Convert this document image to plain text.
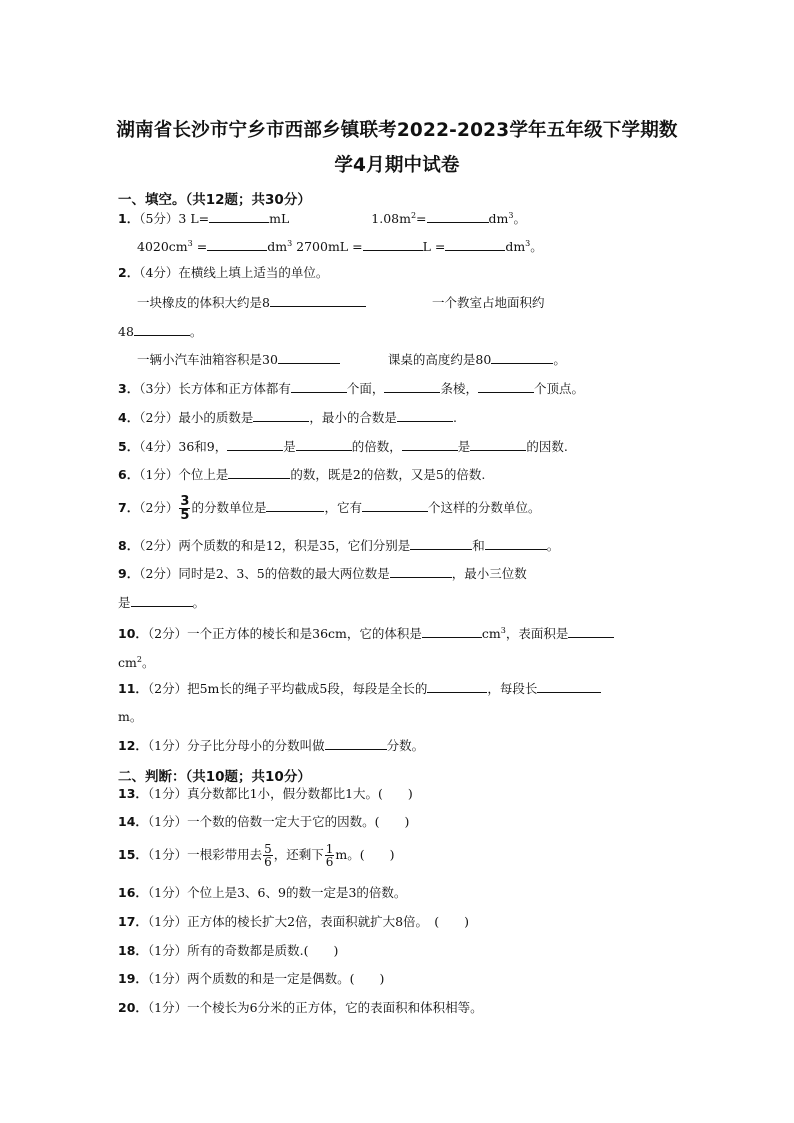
湖南省长沙市宁乡市西部乡镇联考2022-2023学年五年级下学期数
学4月期中试卷
一、填空。（共12题；共30分）
1．（5分）3 L=	mL	$1.08m^2=$	$dm^3$。
$4020cm^3$ =	$dm^3$ 2700mL =	L =	$dm^3$。
2．（4分）在横线上填上适当的单位。
一块橡皮的体积大约是8	一个教室占地面积约
48	。
一辆小汽车油箱容积是30	课桌的高度约是80	。
3．（3分）长方体和正方体都有	个面，	条棱，	个顶点。
4．（2分）最小的质数是	，最小的合数是	.
5．（4分）36和9，	是	的倍数，	是	的因数.
6．（1分）个位上是	的数，既是2的倍数，又是5的倍数.
7．（2分） $\frac{3}{5}$ 的分数单位是	，它有	个这样的分数单位。
8．（2分）两个质数的和是12，积是35，它们分别是	和	。
9．（2分）同时是2、3、5的倍数的最大两位数是	，最小三位数
是	。
10．（2分）一个正方体的棱长和是36cm，它的体积是	$cm^3$，表面积是
$cm^2$。
11．（2分）把5m长的绳子平均截成5段，每段是全长的	，每段长
m。
12．（1分）分子比分母小的分数叫做	分数。
二、判断：（共10题；共10分）
13．（1分）真分数都比1小，假分数都比1大。(　　)
14．（1分）一个数的倍数一定大于它的因数。(　　)
15．（1分）一根彩带用去 $\frac{5}{6}$ ，还剩下 $\frac{1}{6}$ m。(　　)
16．（1分）个位上是3、6、9的数一定是3的倍数。
17．（1分）正方体的棱长扩大2倍，表面积就扩大8倍。　(　　)
18．（1分）所有的奇数都是质数.(　　)
19．（1分）两个质数的和是一定是偶数。(　　)
20．（1分）一个棱长为6分米的正方体，它的表面积和体积相等。
